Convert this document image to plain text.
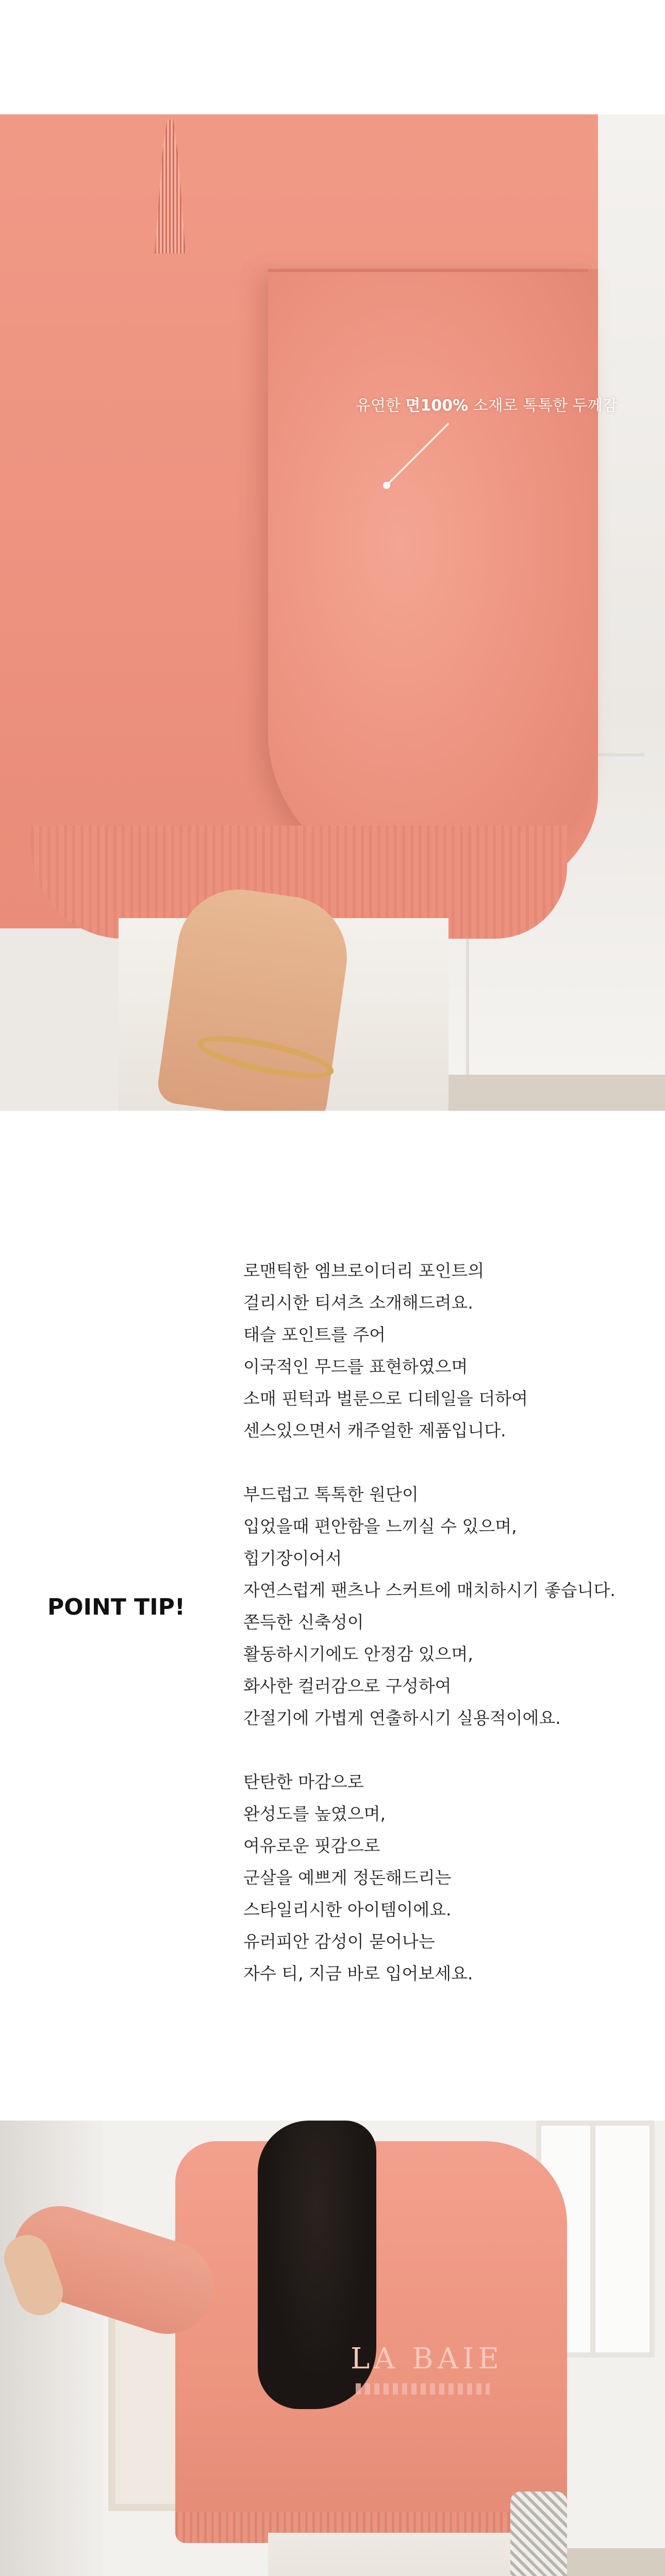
유연한 면100% 소재로 톡톡한 두께감
POINT TIP!
로맨틱한 엠브로이더리 포인트의
걸리시한 티셔츠 소개해드려요.
태슬 포인트를 주어
이국적인 무드를 표현하였으며
소매 핀턱과 벌룬으로 디테일을 더하여
센스있으면서 캐주얼한 제품입니다.
부드럽고 톡톡한 원단이
입었을때 편안함을 느끼실 수 있으며,
힙기장이어서
자연스럽게 팬츠나 스커트에 매치하시기 좋습니다.
쫀득한 신축성이
활동하시기에도 안정감 있으며,
화사한 컬러감으로 구성하여
간절기에 가볍게 연출하시기 실용적이에요.
탄탄한 마감으로
완성도를 높였으며,
여유로운 핏감으로
군살을 예쁘게 정돈해드리는
스타일리시한 아이템이에요.
유러피안 감성이 묻어나는
자수 티, 지금 바로 입어보세요.
LA BAIE
